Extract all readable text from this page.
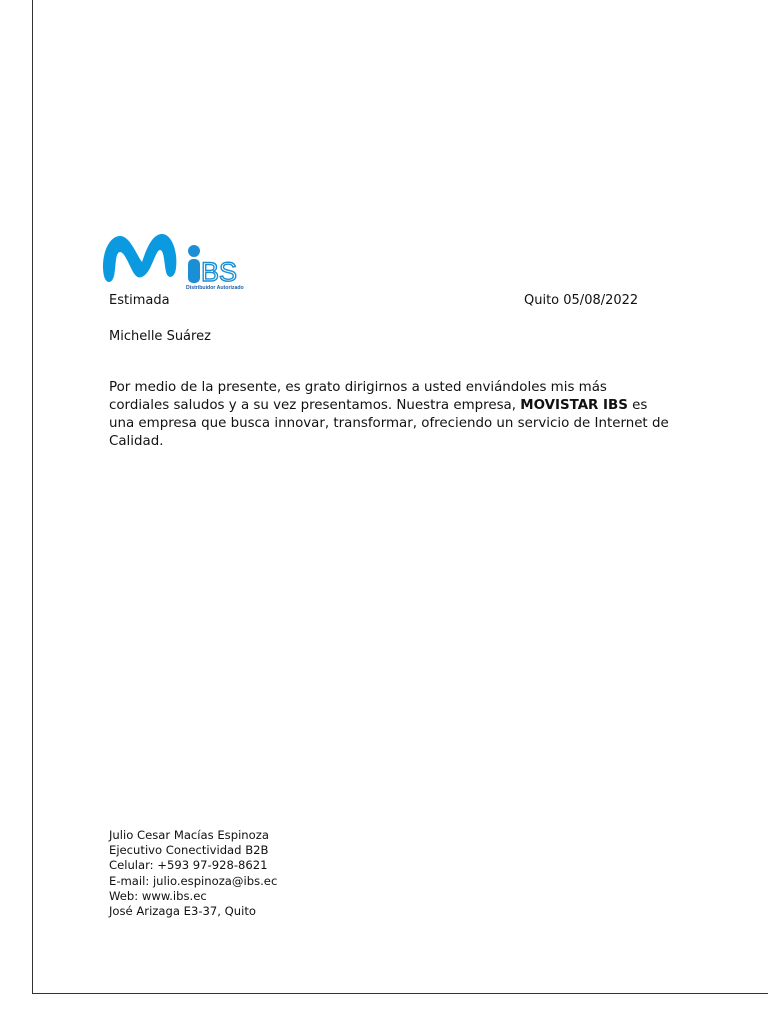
BS
Distribuidor Autorizado
Estimada	Quito 05/08/2022
Michelle Suárez
Por medio de la presente, es grato dirigirnos a usted enviándoles mis más cordiales saludos y a su vez presentamos. Nuestra empresa, MOVISTAR IBS es una empresa que busca innovar, transformar, ofreciendo un servicio de Internet de Calidad.
Julio Cesar Macías Espinoza
Ejecutivo Conectividad B2B
Celular: +593 97-928-8621
E-mail: julio.espinoza@ibs.ec
Web: www.ibs.ec
José Arizaga E3-37, Quito
